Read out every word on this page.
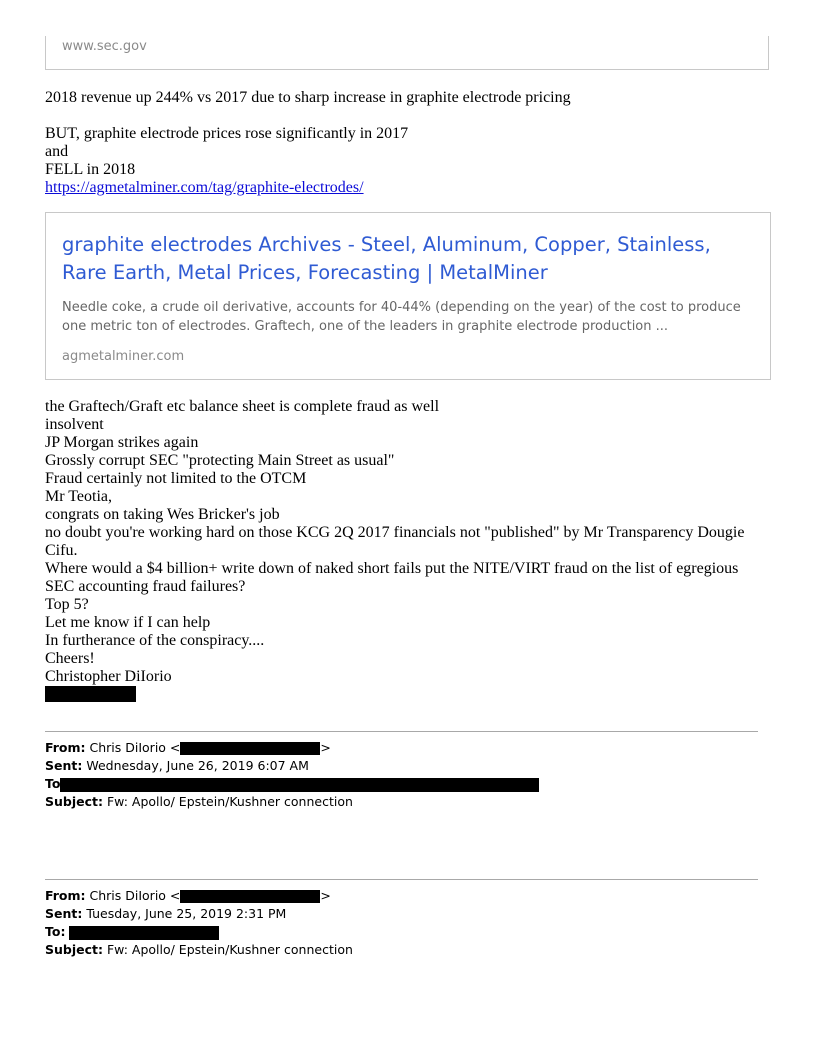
www.sec.gov
2018 revenue up 244% vs 2017 due to sharp increase in graphite electrode pricing
BUT, graphite electrode prices rose significantly in 2017
and
FELL in 2018
https://agmetalminer.com/tag/graphite-electrodes/
graphite electrodes Archives - Steel, Aluminum, Copper, Stainless, Rare Earth, Metal Prices, Forecasting | MetalMiner
Needle coke, a crude oil derivative, accounts for 40-44% (depending on the year) of the cost to produce one metric ton of electrodes. Graftech, one of the leaders in graphite electrode production ...
agmetalminer.com
the Graftech/Graft etc balance sheet is complete fraud as well
insolvent
JP Morgan strikes again
Grossly corrupt SEC "protecting Main Street as usual"
Fraud certainly not limited to the OTCM
Mr Teotia,
congrats on taking Wes Bricker's job
no doubt you're working hard on those KCG 2Q 2017 financials not "published" by Mr Transparency Dougie Cifu.
Where would a $4 billion+ write down of naked short fails put the NITE/VIRT fraud on the list of egregious SEC accounting fraud failures?
Top 5?
Let me know if I can help
In furtherance of the conspiracy....
Cheers!
Christopher DiIorio
From: Chris DiIorio <	>
Sent: Wednesday, June 26, 2019 6:07 AM
To
Subject: Fw: Apollo/ Epstein/Kushner connection
From: Chris DiIorio <	>
Sent: Tuesday, June 25, 2019 2:31 PM
To:
Subject: Fw: Apollo/ Epstein/Kushner connection
